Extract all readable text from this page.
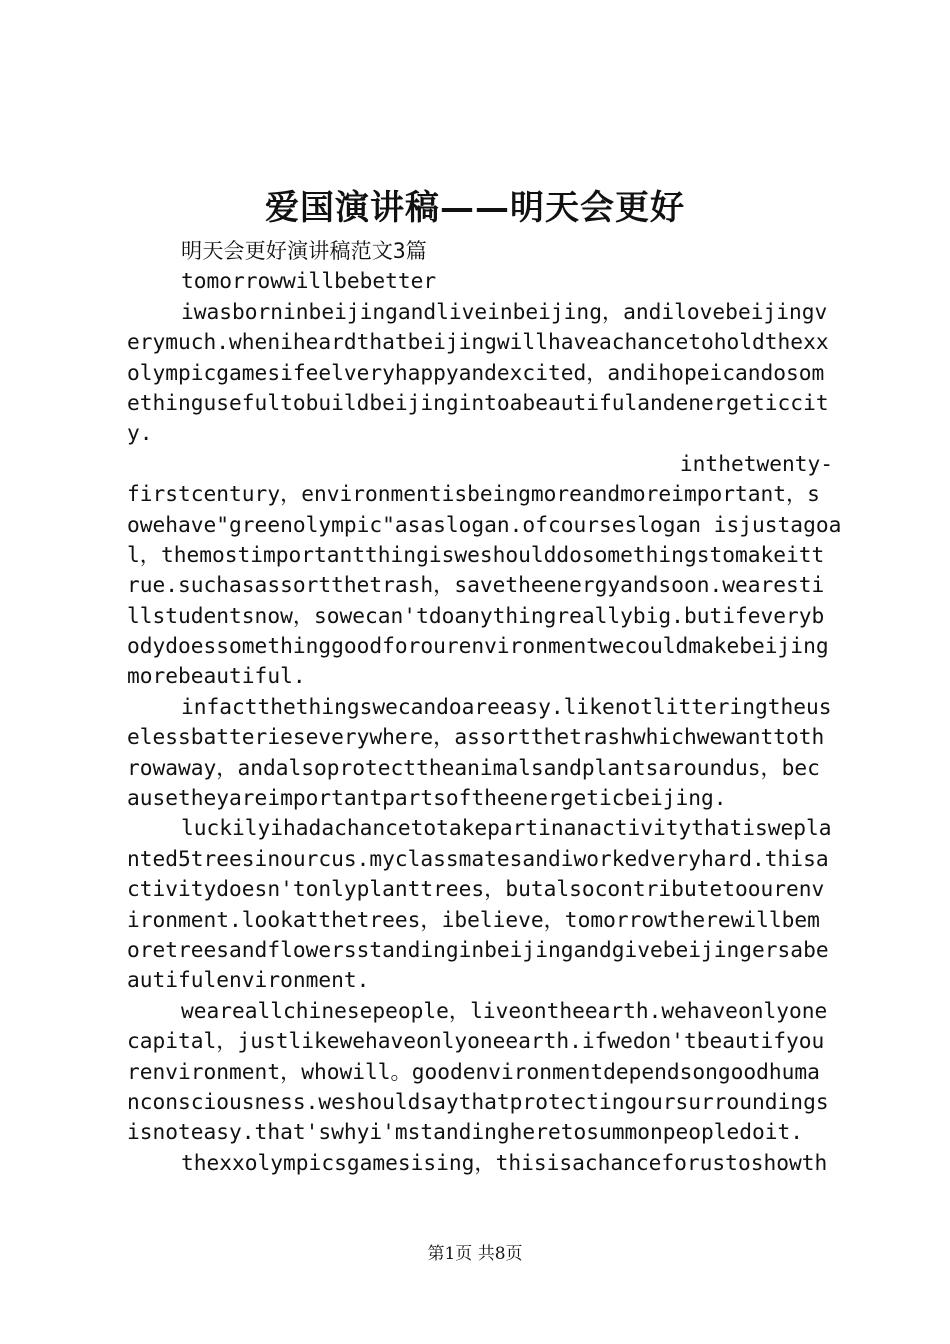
爱国演讲稿——明天会更好
明天会更好演讲稿范文3篇
tomorrowwillbebetter
iwasborninbeijingandliveinbeijing，andilovebeijingv
erymuch.wheniheardthatbeijingwillhaveachancetoholdthexx
olympicgamesifeelveryhappyandexcited，andihopeicandosom
ethingusefultobuildbeijingintoabeautifulandenergeticcit
y.
inthetwenty-
firstcentury，environmentisbeingmoreandmoreimportant，s
owehave"greenolympic"asaslogan.ofcourseslogan isjustagoa
l，themostimportantthingisweshoulddosomethingstomakeitt
rue.suchasassortthetrash，savetheenergyandsoon.wearesti
llstudentsnow，sowecan'tdoanythingreallybig.butifeveryb
odydoessomethinggoodforourenvironmentwecouldmakebeijing
morebeautiful.
infactthethingswecandoareeasy.likenotlitteringtheus
elessbatterieseverywhere，assortthetrashwhichwewanttoth
rowaway，andalsoprotecttheanimalsandplantsaroundus，bec
ausetheyareimportantpartsoftheenergeticbeijing.
luckilyihadachancetotakepartinanactivitythatisweplа
nted5treesinourcus.myclassmatesandiworkedveryhard.thisa
ctivitydoesn'tonlyplanttrees，butalsocontributetoourenv
ironment.lookatthetrees，ibelieve，tomorrowtherewillbem
oretreesandflowersstandinginbeijingandgivebeijingersabe
autifulenvironment.
weareallchinesepeople，liveontheearth.wehaveonlyone
capital，justlikewehaveonlyoneearth.ifwedon'tbeautifyou
renvironment，whowill。goodenvironmentdependsongoodhuma
nconsciousness.weshouldsaythatprotectingoursurroundings
isnoteasy.that'swhyi'mstandingheretosummonpeopledoit.
thexxolympicsgamesising，thisisachanceforustoshowth
第1页 共8页
